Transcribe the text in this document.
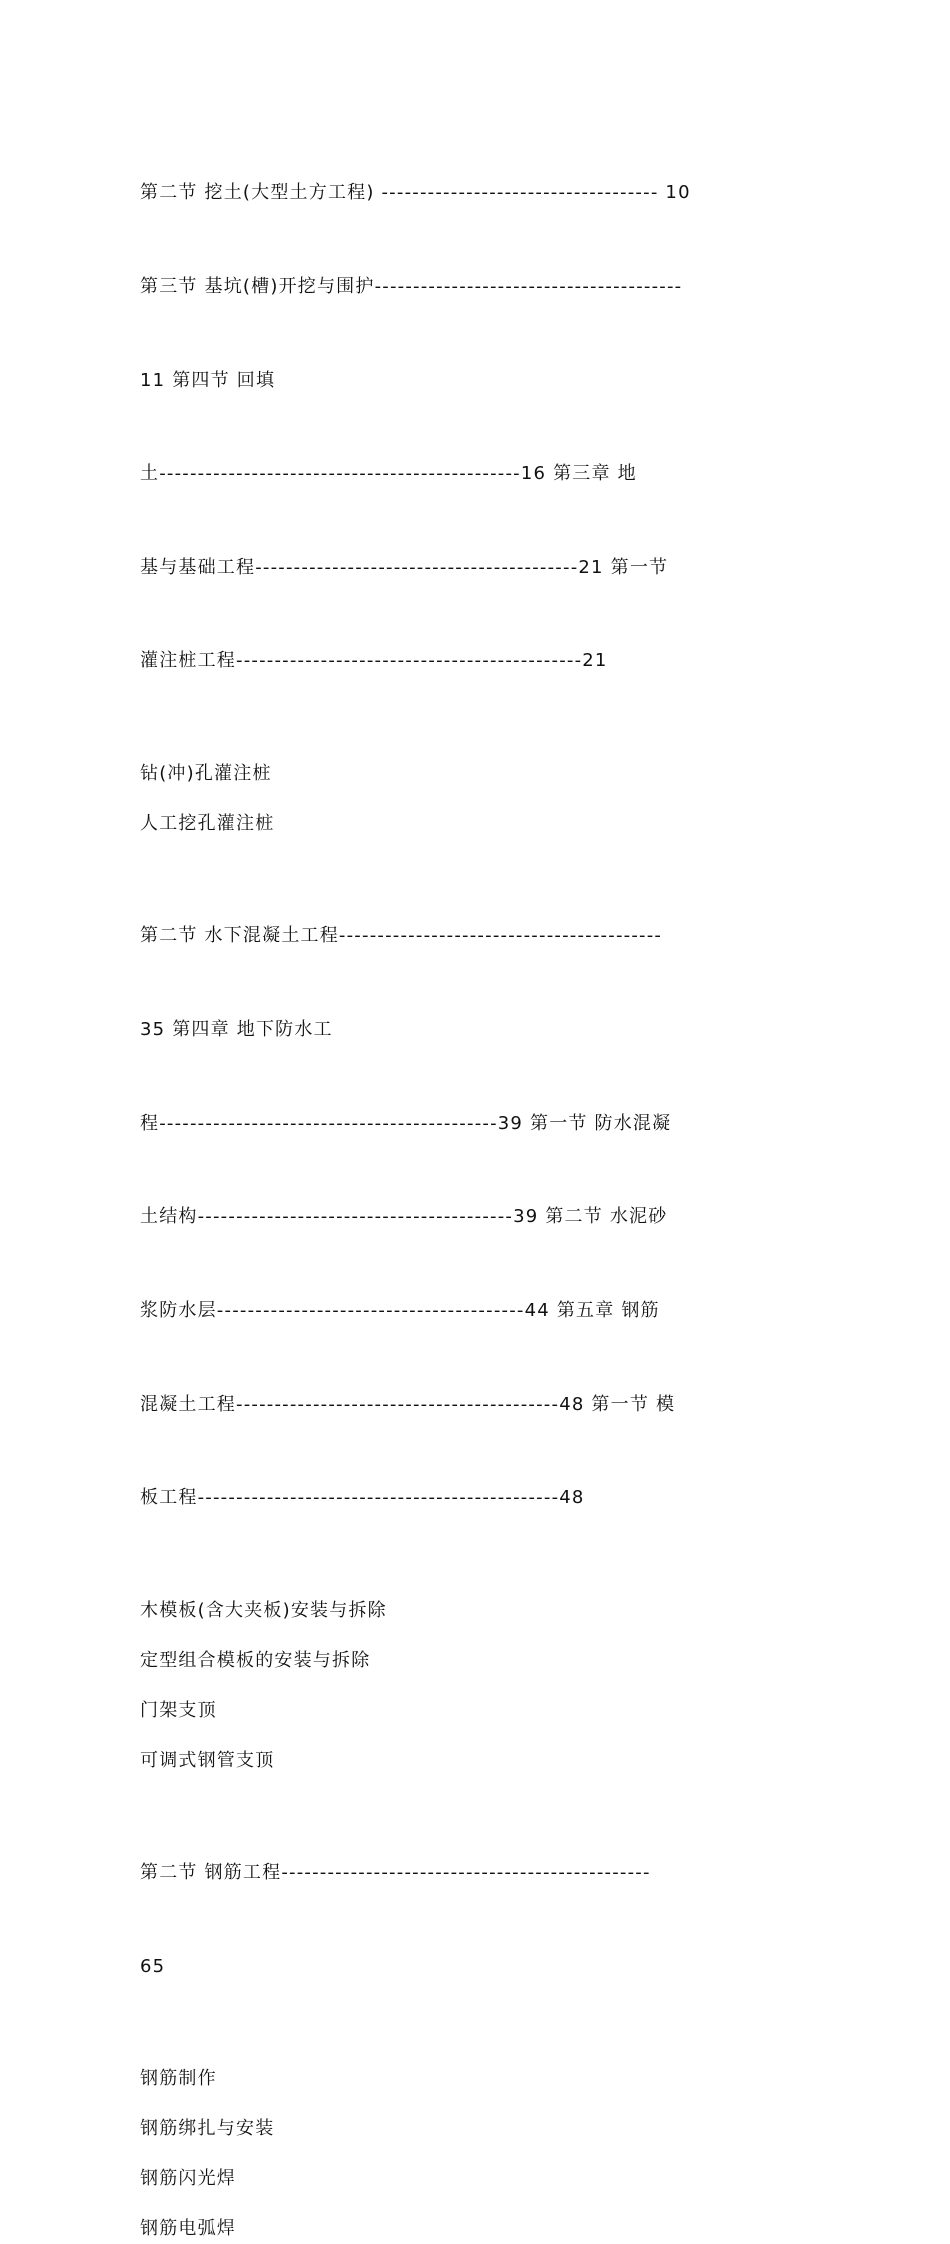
第二节 挖土(大型土方工程) ------------------------------------ 10

第三节 基坑(槽)开挖与围护----------------------------------------

11 第四节 回填

土-----------------------------------------------16 第三章 地

基与基础工程------------------------------------------21 第一节

灌注桩工程---------------------------------------------21

钻(冲)孔灌注桩

人工挖孔灌注桩

第二节 水下混凝土工程------------------------------------------

35 第四章 地下防水工

程--------------------------------------------39 第一节 防水混凝

土结构-----------------------------------------39 第二节 水泥砂

浆防水层----------------------------------------44 第五章 钢筋

混凝土工程------------------------------------------48 第一节 模

板工程-----------------------------------------------48

木模板(含大夹板)安装与拆除

定型组合模板的安装与拆除

门架支顶

可调式钢管支顶

第二节 钢筋工程------------------------------------------------

65

钢筋制作

钢筋绑扎与安装

钢筋闪光焊

钢筋电弧焊
